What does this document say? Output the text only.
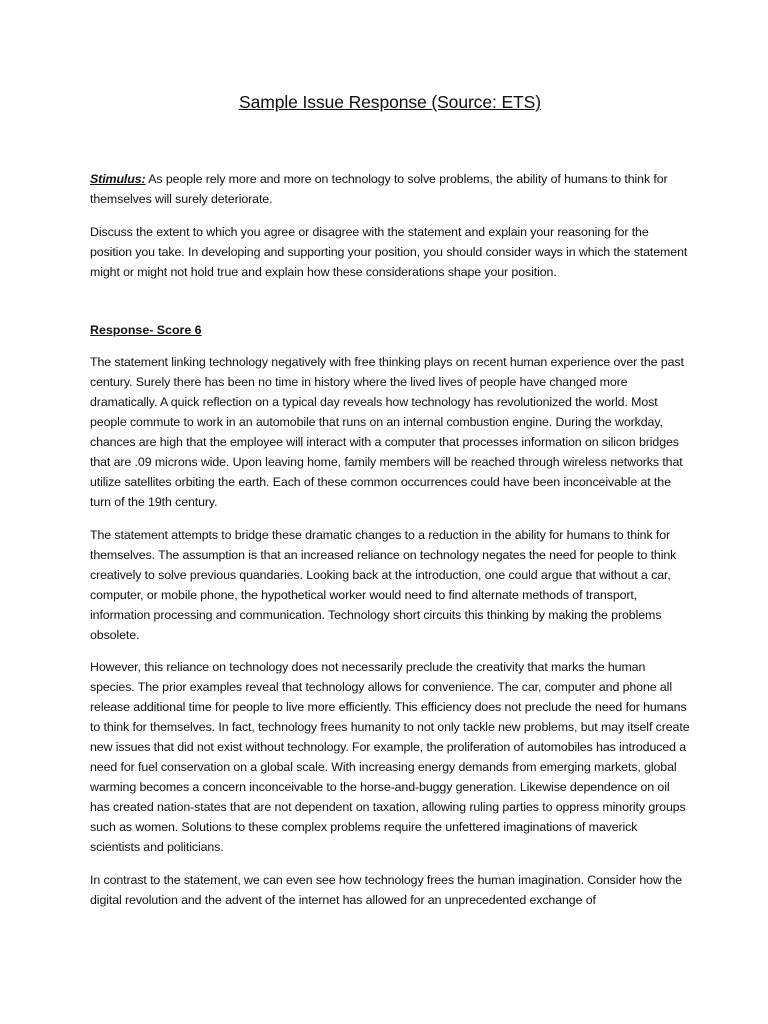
Sample Issue Response (Source: ETS)

Stimulus: As people rely more and more on technology to solve problems, the ability of humans to think for themselves will surely deteriorate.

Discuss the extent to which you agree or disagree with the statement and explain your reasoning for the position you take. In developing and supporting your position, you should consider ways in which the statement might or might not hold true and explain how these considerations shape your position.

Response- Score 6

The statement linking technology negatively with free thinking plays on recent human experience over the past century. Surely there has been no time in history where the lived lives of people have changed more dramatically. A quick reflection on a typical day reveals how technology has revolutionized the world. Most people commute to work in an automobile that runs on an internal combustion engine. During the workday, chances are high that the employee will interact with a computer that processes information on silicon bridges that are .09 microns wide. Upon leaving home, family members will be reached through wireless networks that utilize satellites orbiting the earth. Each of these common occurrences could have been inconceivable at the turn of the 19th century.

The statement attempts to bridge these dramatic changes to a reduction in the ability for humans to think for themselves. The assumption is that an increased reliance on technology negates the need for people to think creatively to solve previous quandaries. Looking back at the introduction, one could argue that without a car, computer, or mobile phone, the hypothetical worker would need to find alternate methods of transport, information processing and communication. Technology short circuits this thinking by making the problems obsolete.

However, this reliance on technology does not necessarily preclude the creativity that marks the human species. The prior examples reveal that technology allows for convenience. The car, computer and phone all release additional time for people to live more efficiently. This efficiency does not preclude the need for humans to think for themselves. In fact, technology frees humanity to not only tackle new problems, but may itself create new issues that did not exist without technology. For example, the proliferation of automobiles has introduced a need for fuel conservation on a global scale. With increasing energy demands from emerging markets, global warming becomes a concern inconceivable to the horse-and-buggy generation. Likewise dependence on oil has created nation-states that are not dependent on taxation, allowing ruling parties to oppress minority groups such as women. Solutions to these complex problems require the unfettered imaginations of maverick scientists and politicians.

In contrast to the statement, we can even see how technology frees the human imagination. Consider how the digital revolution and the advent of the internet has allowed for an unprecedented exchange of
